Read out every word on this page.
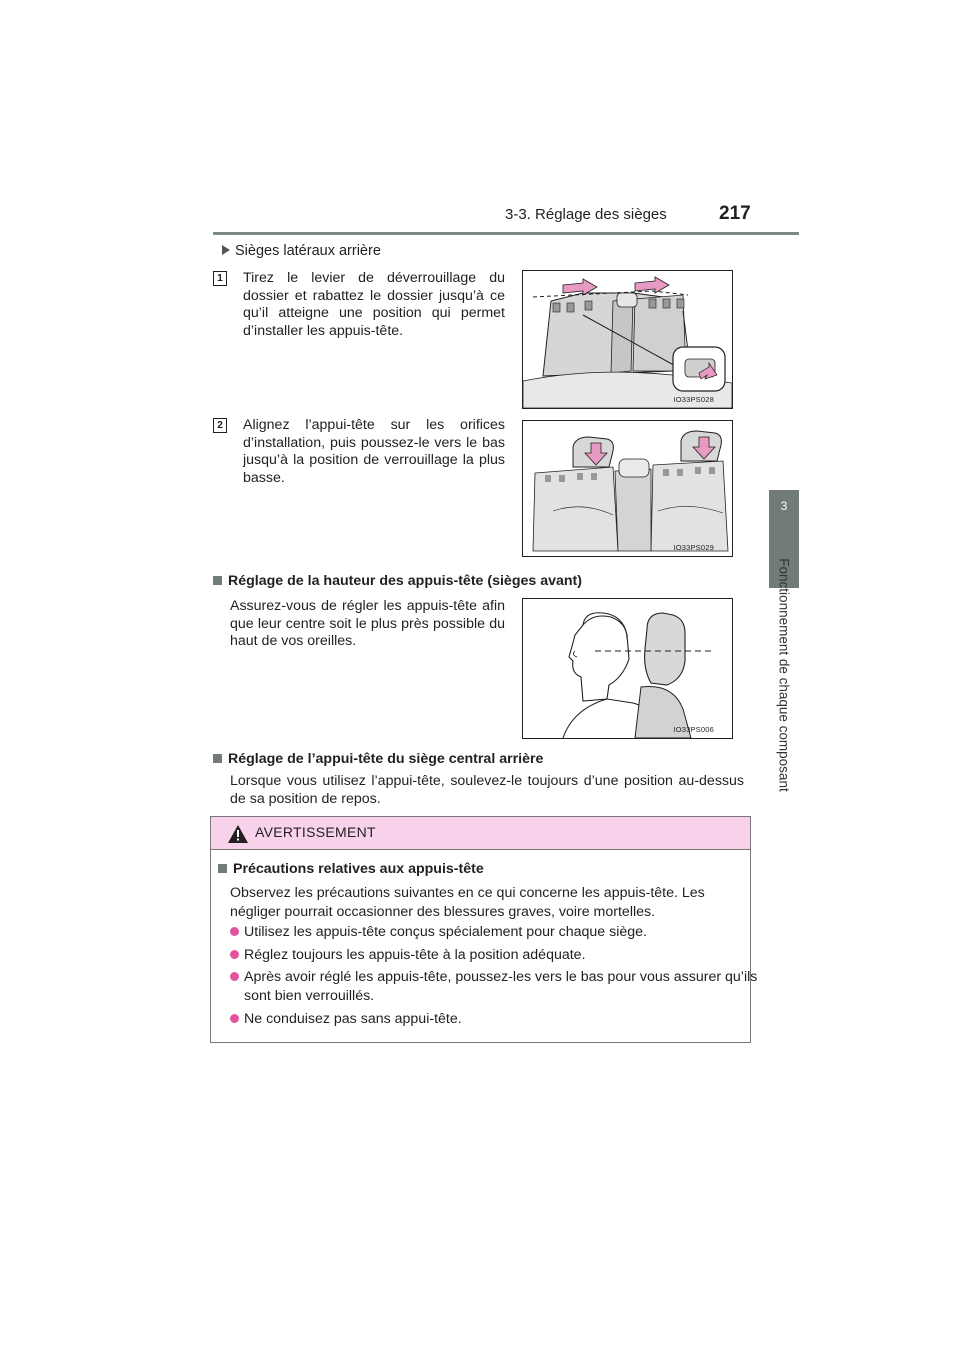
3-3. Réglage des sièges	217
3
Fonctionnement de chaque composant
Sièges latéraux arrière
1 Tirez le levier de déverrouillage du dossier et rabattez le dossier jusqu’à ce qu’il atteigne une position qui permet d’installer les appuis-tête.
IO33PS028
2 Alignez l’appui-tête sur les orifices d’installation, puis poussez-le vers le bas jusqu’à la position de verrouillage la plus basse.
IO33PS029
Réglage de la hauteur des appuis-tête (sièges avant)
Assurez-vous de régler les appuis-tête afin que leur centre soit le plus près possible du haut de vos oreilles.
IO33PS006
Réglage de l’appui-tête du siège central arrière
Lorsque vous utilisez l’appui-tête, soulevez-le toujours d’une position au-dessus de sa position de repos.
AVERTISSEMENT
Précautions relatives aux appuis-tête
Observez les précautions suivantes en ce qui concerne les appuis-tête. Les négliger pourrait occasionner des blessures graves, voire mortelles.
Utilisez les appuis-tête conçus spécialement pour chaque siège.
Réglez toujours les appuis-tête à la position adéquate.
Après avoir réglé les appuis-tête, poussez-les vers le bas pour vous assurer qu’ils sont bien verrouillés.
Ne conduisez pas sans appui-tête.
